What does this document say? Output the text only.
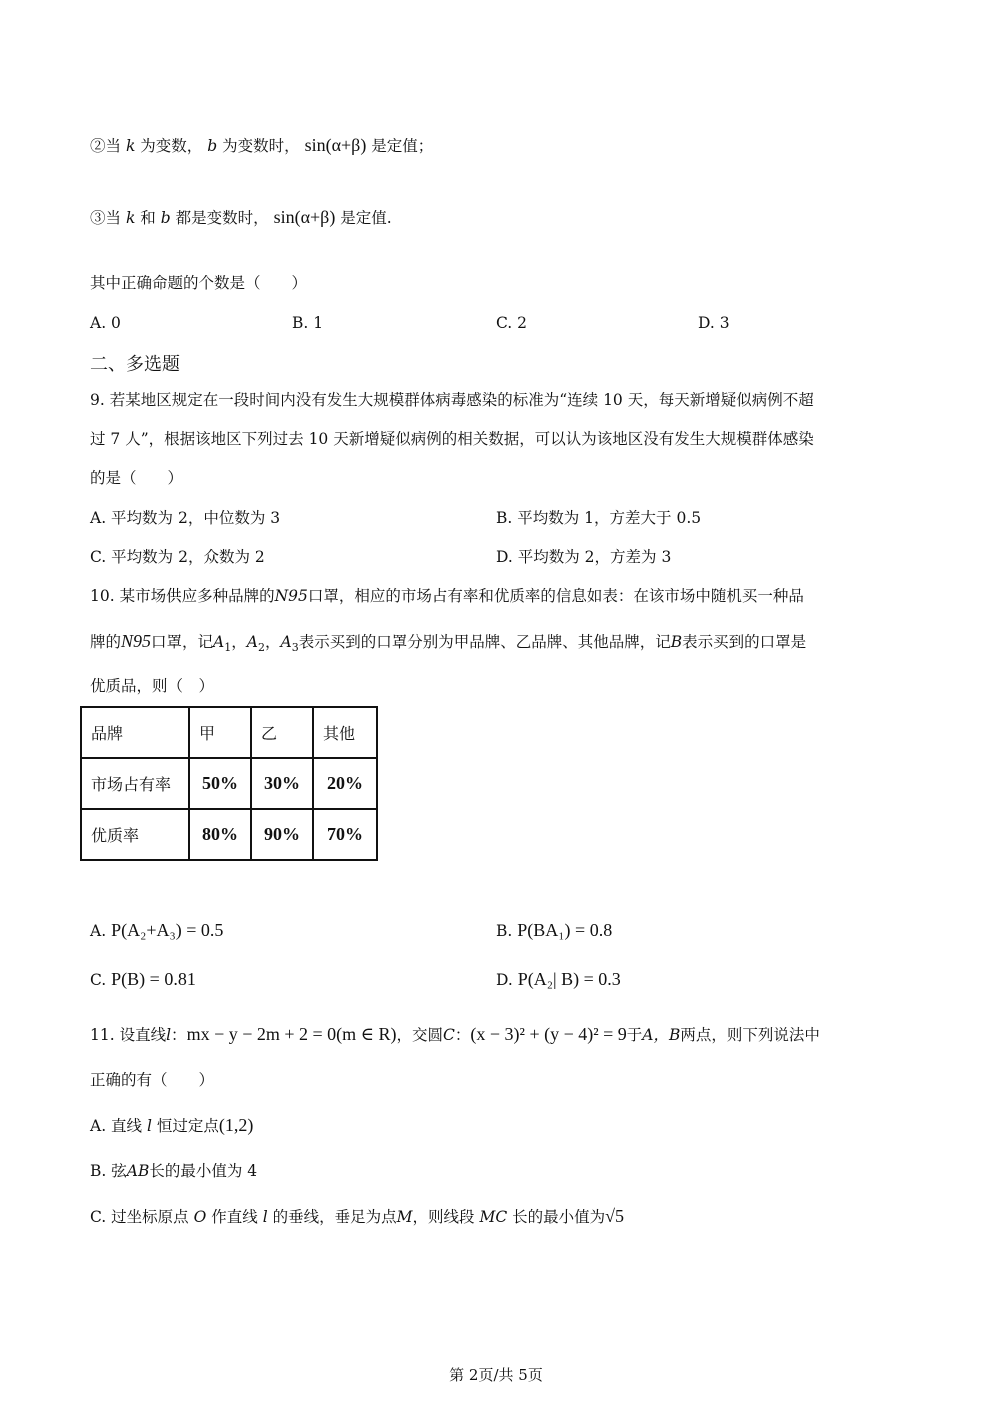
②当 k 为变数， b 为变数时， sin(α+β) 是定值；
③当 k 和 b 都是变数时， sin(α+β) 是定值.
其中正确命题的个数是（　　）
A. 0	B. 1	C. 2	D. 3
二、多选题
9. 若某地区规定在一段时间内没有发生大规模群体病毒感染的标准为“连续 10 天，每天新增疑似病例不超
过 7 人”，根据该地区下列过去 10 天新增疑似病例的相关数据，可以认为该地区没有发生大规模群体感染
的是（　　）
A. 平均数为 2，中位数为 3	B. 平均数为 1，方差大于 0.5
C. 平均数为 2，众数为 2	D. 平均数为 2，方差为 3
10. 某市场供应多种品牌的N95口罩，相应的市场占有率和优质率的信息如表：在该市场中随机买一种品
牌的N95口罩，记$A_1$，$A_2$，$A_3$表示买到的口罩分别为甲品牌、乙品牌、其他品牌，记B表示买到的口罩是
优质品，则（　）
品牌	甲	乙	其他
市场占有率	50%	30%	20%
优质率	80%	90%	70%
A. P(A₂+A₃) = 0.5	B. P(BA₁) = 0.8
C. P(B) = 0.81	D. P(A₂| B) = 0.3
11. 设直线l：mx − y − 2m + 2 = 0(m ∈ R)，交圆C：(x − 3)² + (y − 4)² = 9于A，B两点，则下列说法中
正确的有（　　）
A. 直线 l 恒过定点(1,2)
B. 弦AB长的最小值为 4
C. 过坐标原点 O 作直线 l 的垂线，垂足为点M，则线段 MC 长的最小值为√5
第 2页/共 5页
